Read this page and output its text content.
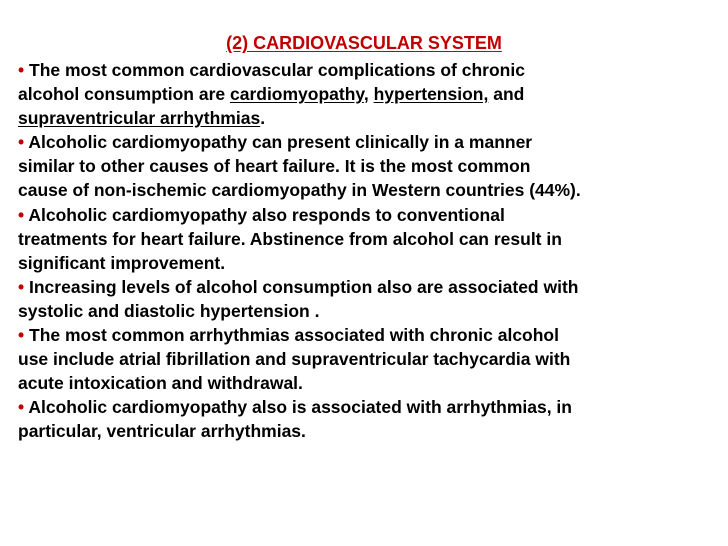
(2) CARDIOVASCULAR SYSTEM
• The most common cardiovascular complications of chronic
alcohol consumption are cardiomyopathy, hypertension, and
supraventricular arrhythmias.
• Alcoholic cardiomyopathy can present clinically in a manner
similar to other causes of heart failure. It is the most common
cause of non-ischemic cardiomyopathy in Western countries (44%).
• Alcoholic cardiomyopathy also responds to conventional
treatments for heart failure. Abstinence from alcohol can result in
significant improvement.
• Increasing levels of alcohol consumption also are associated with
systolic and diastolic hypertension .
• The most common arrhythmias associated with chronic alcohol
use include atrial fibrillation and supraventricular tachycardia with
acute intoxication and withdrawal.
• Alcoholic cardiomyopathy also is associated with arrhythmias, in
particular, ventricular arrhythmias.
